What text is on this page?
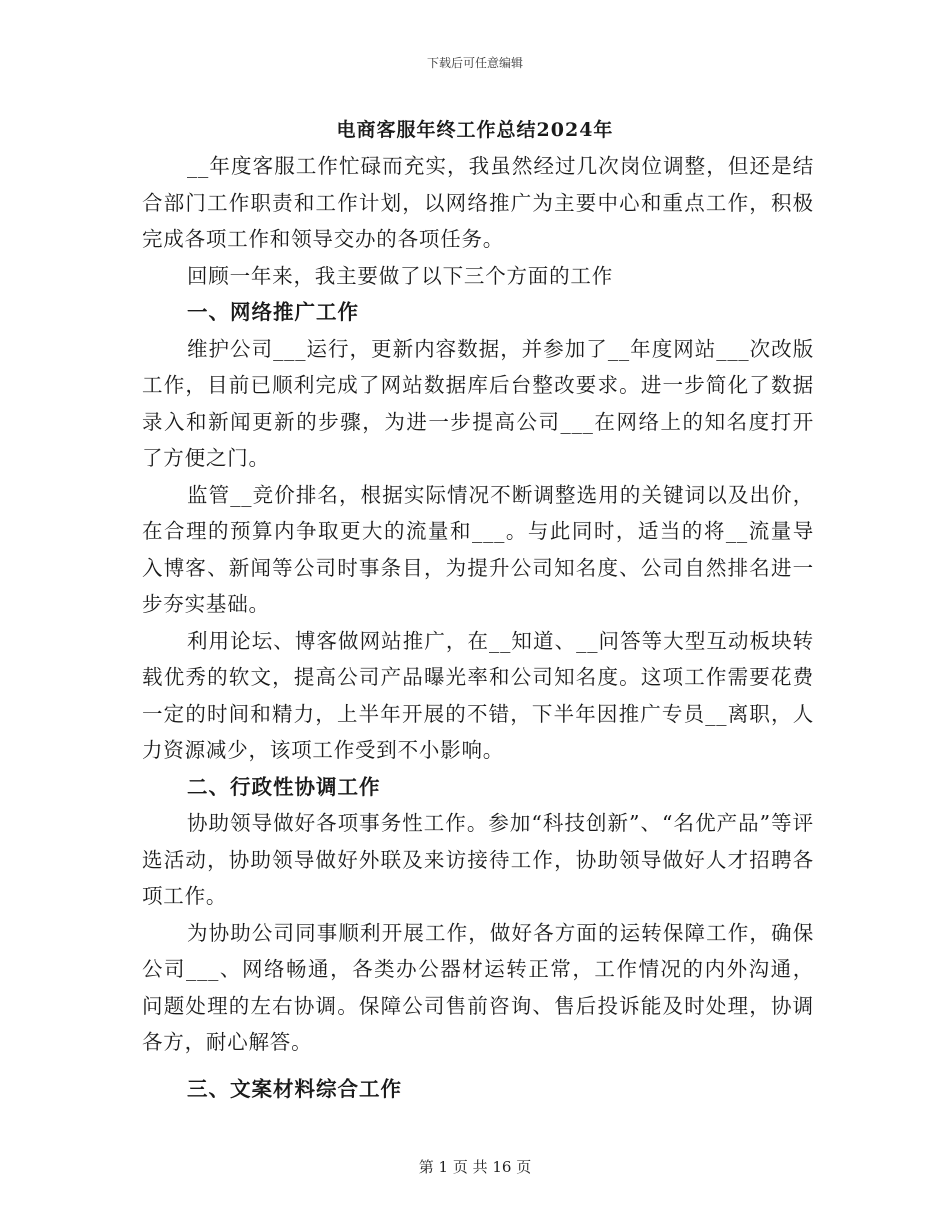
下载后可任意编辑
电商客服年终工作总结2024年

__年度客服工作忙碌而充实，我虽然经过几次岗位调整，但还是结合部门工作职责和工作计划，以网络推广为主要中心和重点工作，积极完成各项工作和领导交办的各项任务。

回顾一年来，我主要做了以下三个方面的工作

一、网络推广工作

维护公司___运行，更新内容数据，并参加了__年度网站___次改版工作，目前已顺利完成了网站数据库后台整改要求。进一步简化了数据录入和新闻更新的步骤，为进一步提高公司___在网络上的知名度打开了方便之门。

监管__竞价排名，根据实际情况不断调整选用的关键词以及出价，在合理的预算内争取更大的流量和___。与此同时，适当的将__流量导入博客、新闻等公司时事条目，为提升公司知名度、公司自然排名进一步夯实基础。

利用论坛、博客做网站推广，在__知道、__问答等大型互动板块转载优秀的软文，提高公司产品曝光率和公司知名度。这项工作需要花费一定的时间和精力，上半年开展的不错，下半年因推广专员__离职，人力资源减少，该项工作受到不小影响。

二、行政性协调工作

协助领导做好各项事务性工作。参加“科技创新”、“名优产品”等评选活动，协助领导做好外联及来访接待工作，协助领导做好人才招聘各项工作。

为协助公司同事顺利开展工作，做好各方面的运转保障工作，确保公司___、网络畅通，各类办公器材运转正常，工作情况的内外沟通，问题处理的左右协调。保障公司售前咨询、售后投诉能及时处理，协调各方，耐心解答。

三、文案材料综合工作

第 1 页 共 16 页
